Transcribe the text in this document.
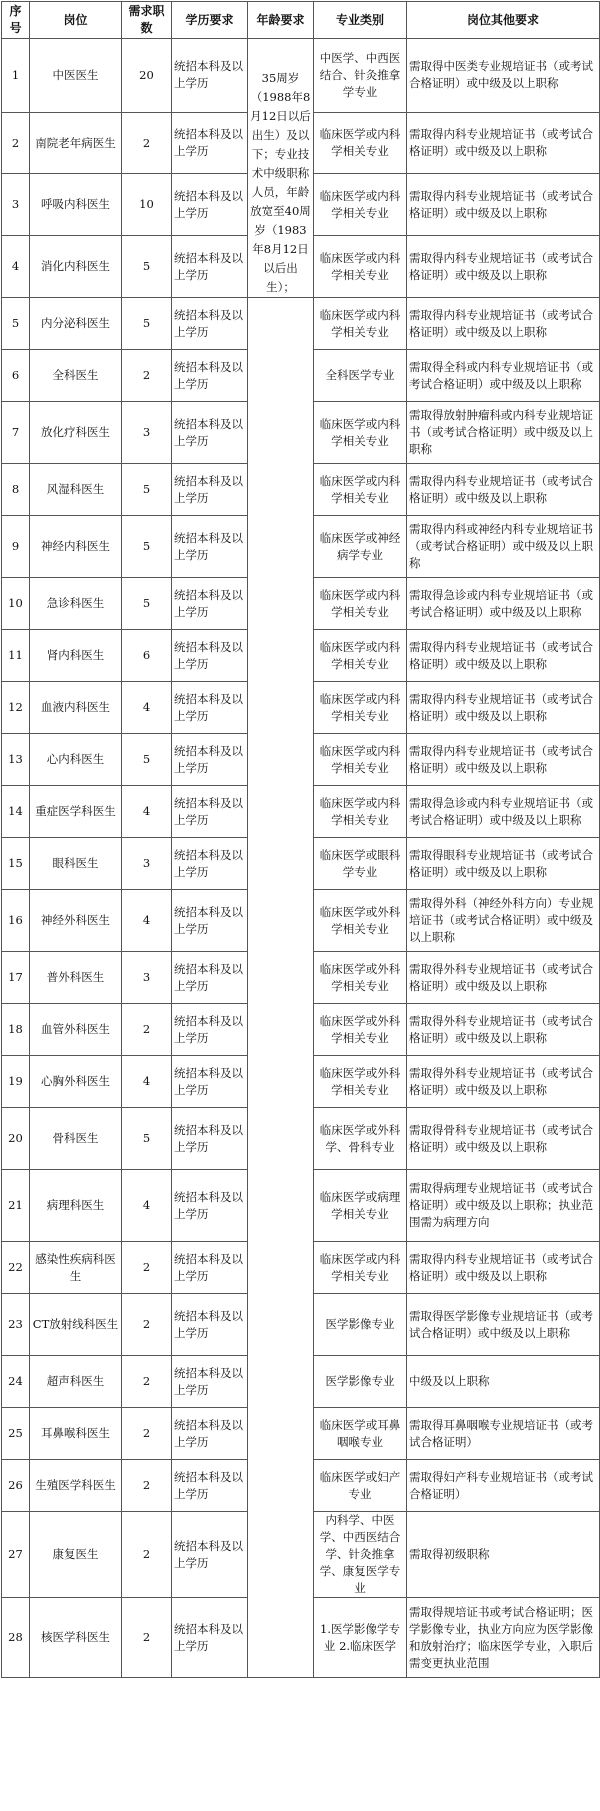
序号	岗位	需求职数	学历要求	年龄要求	专业类别	岗位其他要求
1	中医医生	20	统招本科及以上学历	35周岁（1988年8月12日以后出生）及以下；专业技术中级职称人员，年龄放宽至40周岁（1983年8月12日以后出生）；	中医学、中西医结合、针灸推拿学专业	需取得中医类专业规培证书（或考试合格证明）或中级及以上职称
2	南院老年病医生	2	统招本科及以上学历		临床医学或内科学相关专业	需取得内科专业规培证书（或考试合格证明）或中级及以上职称
3	呼吸内科医生	10	统招本科及以上学历		临床医学或内科学相关专业	需取得内科专业规培证书（或考试合格证明）或中级及以上职称
4	消化内科医生	5	统招本科及以上学历		临床医学或内科学相关专业	需取得内科专业规培证书（或考试合格证明）或中级及以上职称
5	内分泌科医生	5	统招本科及以上学历		临床医学或内科学相关专业	需取得内科专业规培证书（或考试合格证明）或中级及以上职称
6	全科医生	2	统招本科及以上学历		全科医学专业	需取得全科或内科专业规培证书（或考试合格证明）或中级及以上职称
7	放化疗科医生	3	统招本科及以上学历		临床医学或内科学相关专业	需取得放射肿瘤科或内科专业规培证书（或考试合格证明）或中级及以上职称
8	风湿科医生	5	统招本科及以上学历		临床医学或内科学相关专业	需取得内科专业规培证书（或考试合格证明）或中级及以上职称
9	神经内科医生	5	统招本科及以上学历		临床医学或神经病学专业	需取得内科或神经内科专业规培证书（或考试合格证明）或中级及以上职称
10	急诊科医生	5	统招本科及以上学历		临床医学或内科学相关专业	需取得急诊或内科专业规培证书（或考试合格证明）或中级及以上职称
11	肾内科医生	6	统招本科及以上学历		临床医学或内科学相关专业	需取得内科专业规培证书（或考试合格证明）或中级及以上职称
12	血液内科医生	4	统招本科及以上学历		临床医学或内科学相关专业	需取得内科专业规培证书（或考试合格证明）或中级及以上职称
13	心内科医生	5	统招本科及以上学历		临床医学或内科学相关专业	需取得内科专业规培证书（或考试合格证明）或中级及以上职称
14	重症医学科医生	4	统招本科及以上学历		临床医学或内科学相关专业	需取得急诊或内科专业规培证书（或考试合格证明）或中级及以上职称
15	眼科医生	3	统招本科及以上学历		临床医学或眼科学专业	需取得眼科专业规培证书（或考试合格证明）或中级及以上职称
16	神经外科医生	4	统招本科及以上学历		临床医学或外科学相关专业	需取得外科（神经外科方向）专业规培证书（或考试合格证明）或中级及以上职称
17	普外科医生	3	统招本科及以上学历		临床医学或外科学相关专业	需取得外科专业规培证书（或考试合格证明）或中级及以上职称
18	血管外科医生	2	统招本科及以上学历		临床医学或外科学相关专业	需取得外科专业规培证书（或考试合格证明）或中级及以上职称
19	心胸外科医生	4	统招本科及以上学历		临床医学或外科学相关专业	需取得外科专业规培证书（或考试合格证明）或中级及以上职称
20	骨科医生	5	统招本科及以上学历		临床医学或外科学、骨科专业	需取得骨科专业规培证书（或考试合格证明）或中级及以上职称
21	病理科医生	4	统招本科及以上学历		临床医学或病理学相关专业	需取得病理专业规培证书（或考试合格证明）或中级及以上职称；执业范围需为病理方向
22	感染性疾病科医生	2	统招本科及以上学历		临床医学或内科学相关专业	需取得内科专业规培证书（或考试合格证明）或中级及以上职称
23	CT放射线科医生	2	统招本科及以上学历		医学影像专业	需取得医学影像专业规培证书（或考试合格证明）或中级及以上职称
24	超声科医生	2	统招本科及以上学历		医学影像专业	中级及以上职称
25	耳鼻喉科医生	2	统招本科及以上学历		临床医学或耳鼻咽喉专业	需取得耳鼻咽喉专业规培证书（或考试合格证明）
26	生殖医学科医生	2	统招本科及以上学历		临床医学或妇产专业	需取得妇产科专业规培证书（或考试合格证明）
27	康复医生	2	统招本科及以上学历		内科学、中医学、中西医结合学、针灸推拿学、康复医学专业	需取得初级职称
28	核医学科医生	2	统招本科及以上学历		1.医学影像学专业 2.临床医学	需取得规培证书或考试合格证明；医学影像专业，执业方向应为医学影像和放射治疗；临床医学专业，入职后需变更执业范围
